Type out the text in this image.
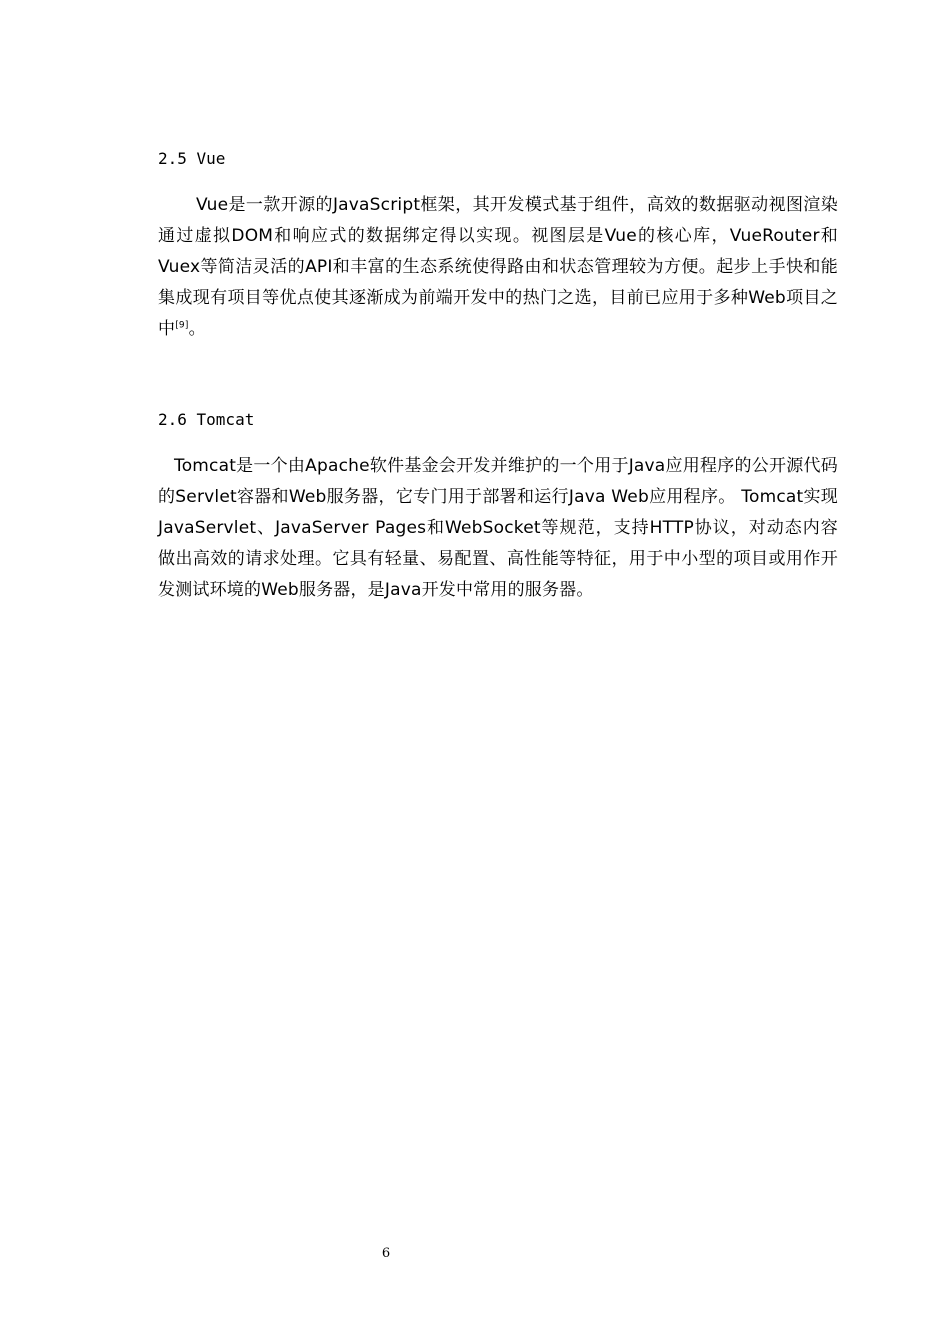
2.5 Vue

Vue是一款开源的JavaScript框架，其开发模式基于组件，高效的数据驱动视图渲染通过虚拟DOM和响应式的数据绑定得以实现。视图层是Vue的核心库，VueRouter和Vuex等简洁灵活的API和丰富的生态系统使得路由和状态管理较为方便。起步上手快和能集成现有项目等优点使其逐渐成为前端开发中的热门之选，目前已应用于多种Web项目之中[9]。

2.6 Tomcat

Tomcat是一个由Apache软件基金会开发并维护的一个用于Java应用程序的公开源代码的Servlet容器和Web服务器，它专门用于部署和运行Java Web应用程序。 Tomcat实现JavaServlet、JavaServer Pages和WebSocket等规范，支持HTTP协议，对动态内容做出高效的请求处理。它具有轻量、易配置、高性能等特征，用于中小型的项目或用作开发测试环境的Web服务器，是Java开发中常用的服务器。

6
